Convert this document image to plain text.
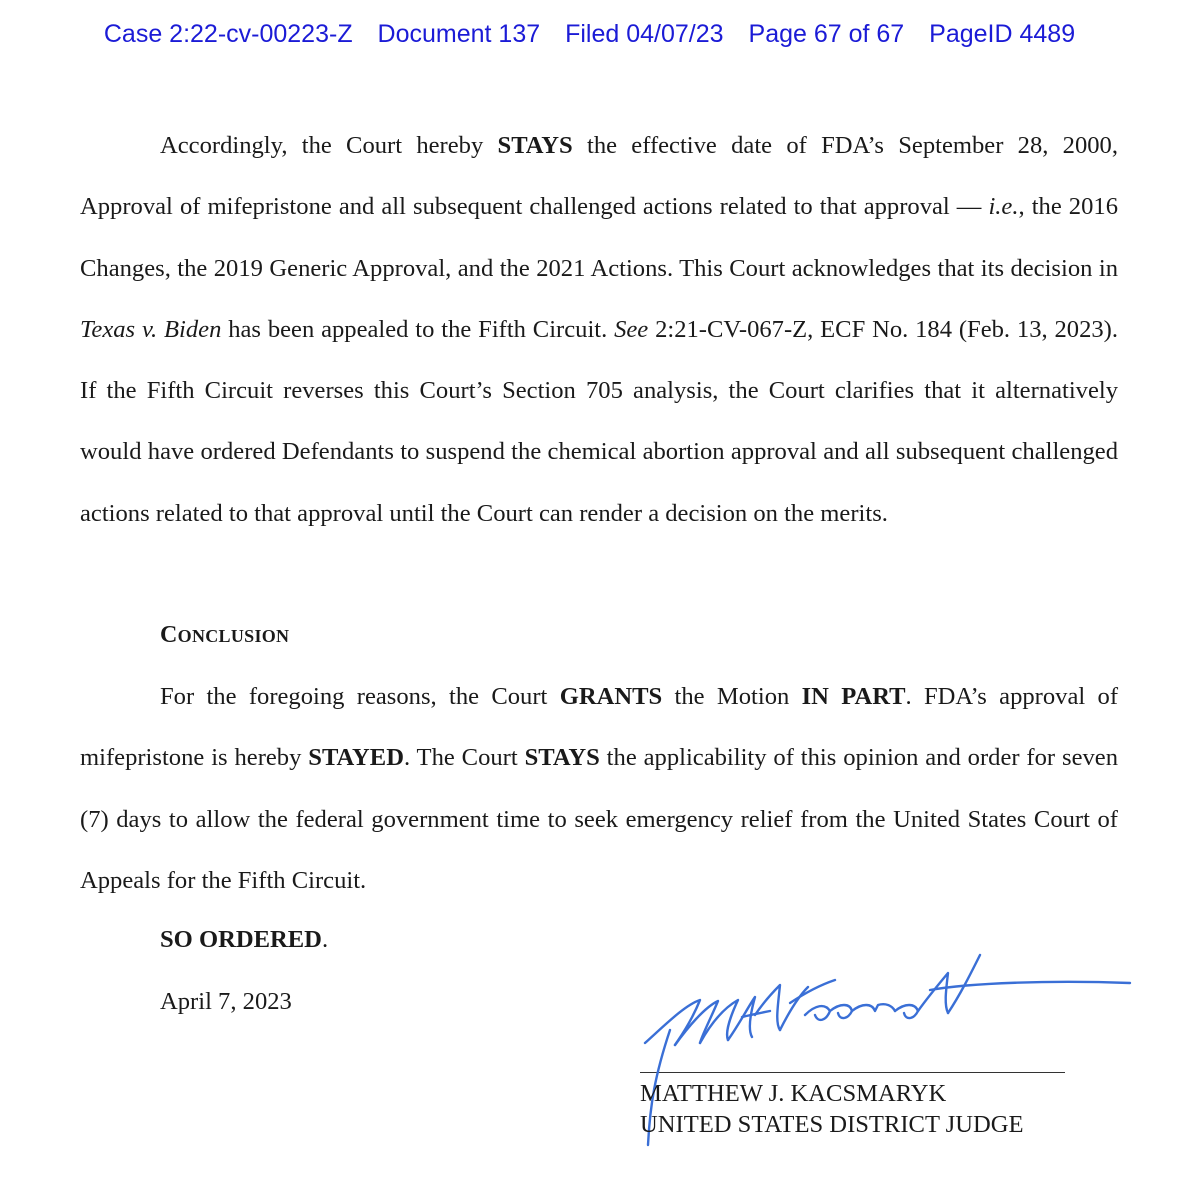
Case 2:22-cv-00223-Z Document 137 Filed 04/07/23 Page 67 of 67 PageID 4489

Accordingly, the Court hereby STAYS the effective date of FDA’s September 28, 2000, Approval of mifepristone and all subsequent challenged actions related to that approval — i.e., the 2016 Changes, the 2019 Generic Approval, and the 2021 Actions. This Court acknowledges that its decision in Texas v. Biden has been appealed to the Fifth Circuit. See 2:21-CV-067-Z, ECF No. 184 (Feb. 13, 2023). If the Fifth Circuit reverses this Court’s Section 705 analysis, the Court clarifies that it alternatively would have ordered Defendants to suspend the chemical abortion approval and all subsequent challenged actions related to that approval until the Court can render a decision on the merits.

CONCLUSION

For the foregoing reasons, the Court GRANTS the Motion IN PART. FDA’s approval of mifepristone is hereby STAYED. The Court STAYS the applicability of this opinion and order for seven (7) days to allow the federal government time to seek emergency relief from the United States Court of Appeals for the Fifth Circuit.

SO ORDERED.
April 7, 2023
MATTHEW J. KACSMARYK
UNITED STATES DISTRICT JUDGE
